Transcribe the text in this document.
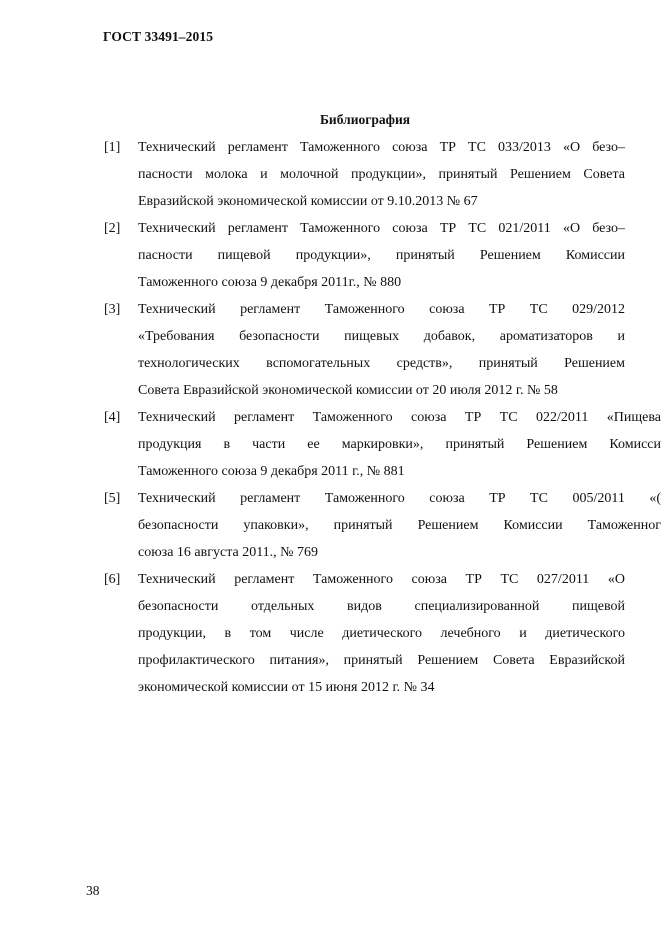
ГОСТ 33491–2015
Библиография
[1] Технический регламент Таможенного союза ТР ТС 033/2013 «О безо–
пасности молока и молочной продукции», принятый Решением Совета
Евразийской экономической комиссии от 9.10.2013 № 67
[2] Технический регламент Таможенного союза ТР ТС 021/2011 «О безо–
пасности пищевой продукции», принятый Решением Комиссии
Таможенного союза 9 декабря 2011г., № 880
[3] Технический регламент Таможенного союза ТР ТС 029/2012
«Требования безопасности пищевых добавок, ароматизаторов и
технологических вспомогательных средств», принятый Решением
Совета Евразийской экономической комиссии от 20 июля 2012 г. № 58
[4] Технический регламент Таможенного союза ТР ТС 022/2011 «Пищева
продукция в части ее маркировки», принятый Решением Комисси
Таможенного союза 9 декабря 2011 г., № 881
[5] Технический регламент Таможенного союза ТР ТС 005/2011 «(
безопасности упаковки», принятый Решением Комиссии Таможенног
союза 16 августа 2011., № 769
[6] Технический регламент Таможенного союза ТР ТС 027/2011 «О
безопасности отдельных видов специализированной пищевой
продукции, в том числе диетического лечебного и диетического
профилактического питания», принятый Решением Совета Евразийской
экономической комиссии от 15 июня 2012 г. № 34
38
